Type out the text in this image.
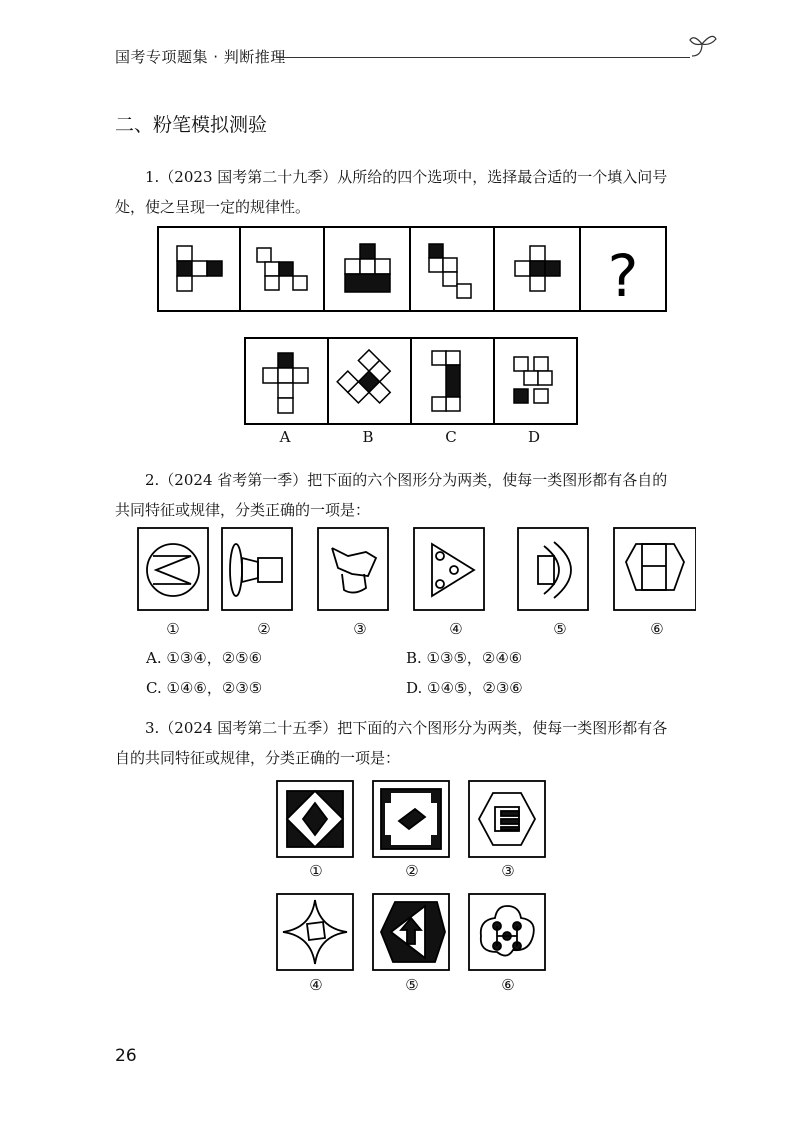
国考专项题集 · 判断推理
二、粉笔模拟测验
1.（2023 国考第二十九季）从所给的四个选项中，选择最合适的一个填入问号
处，使之呈现一定的规律性。
?
A	B	C	D
2.（2024 省考第一季）把下面的六个图形分为两类，使每一类图形都有各自的
共同特征或规律，分类正确的一项是：
①	②	③	④	⑤	⑥
A. ①③④，②⑤⑥	B. ①③⑤，②④⑥
C. ①④⑥，②③⑤	D. ①④⑤，②③⑥
3.（2024 国考第二十五季）把下面的六个图形分为两类，使每一类图形都有各
自的共同特征或规律，分类正确的一项是：
①	②	③
④	⑤	⑥
26
